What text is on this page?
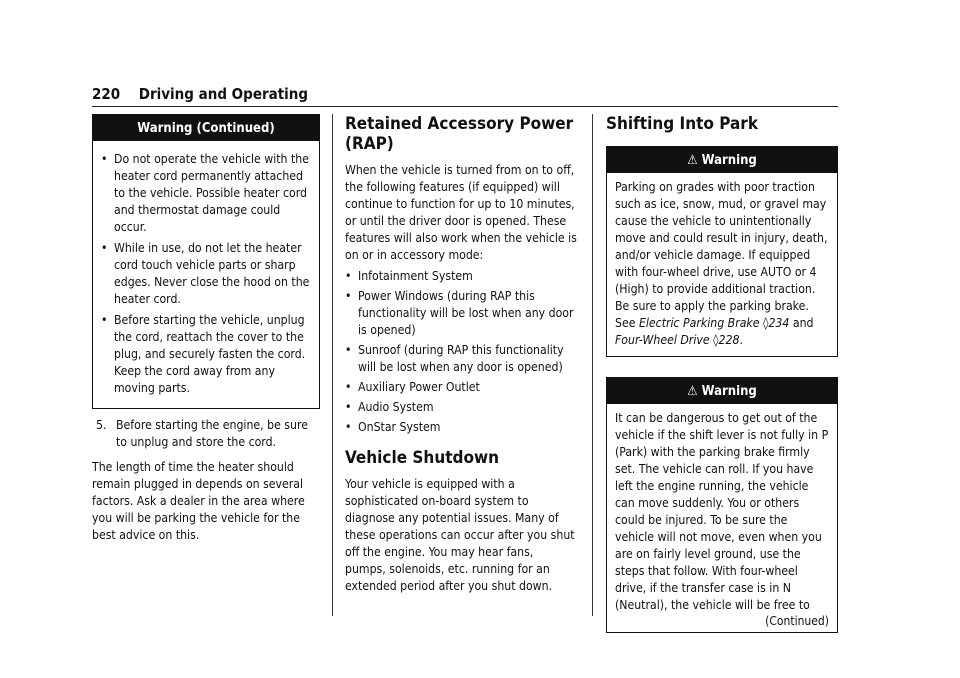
220 Driving and Operating
Warning (Continued)
• Do not operate the vehicle with the heater cord permanently attached to the vehicle. Possible heater cord and thermostat damage could occur.
• While in use, do not let the heater cord touch vehicle parts or sharp edges. Never close the hood on the heater cord.
• Before starting the vehicle, unplug the cord, reattach the cover to the plug, and securely fasten the cord. Keep the cord away from any moving parts.
5. Before starting the engine, be sure to unplug and store the cord.

The length of time the heater should remain plugged in depends on several factors. Ask a dealer in the area where you will be parking the vehicle for the best advice on this.

Retained Accessory Power (RAP)

When the vehicle is turned from on to off, the following features (if equipped) will continue to function for up to 10 minutes, or until the driver door is opened. These features will also work when the vehicle is on or in accessory mode:

• Infotainment System
• Power Windows (during RAP this functionality will be lost when any door is opened)
• Sunroof (during RAP this functionality will be lost when any door is opened)
• Auxiliary Power Outlet
• Audio System
• OnStar System
Vehicle Shutdown

Your vehicle is equipped with a sophisticated on-board system to diagnose any potential issues. Many of these operations can occur after you shut off the engine. You may hear fans, pumps, solenoids, etc. running for an extended period after you shut down.

Shifting Into Park
⚠ Warning
Parking on grades with poor traction such as ice, snow, mud, or gravel may cause the vehicle to unintentionally move and could result in injury, death, and/or vehicle damage. If equipped with four-wheel drive, use AUTO or 4 (High) to provide additional traction. Be sure to apply the parking brake. See Electric Parking Brake ◊234 and Four-Wheel Drive ◊228.
⚠ Warning
It can be dangerous to get out of the vehicle if the shift lever is not fully in P (Park) with the parking brake firmly set. The vehicle can roll. If you have left the engine running, the vehicle can move suddenly. You or others could be injured. To be sure the vehicle will not move, even when you are on fairly level ground, use the steps that follow. With four-wheel drive, if the transfer case is in N (Neutral), the vehicle will be free to
(Continued)
